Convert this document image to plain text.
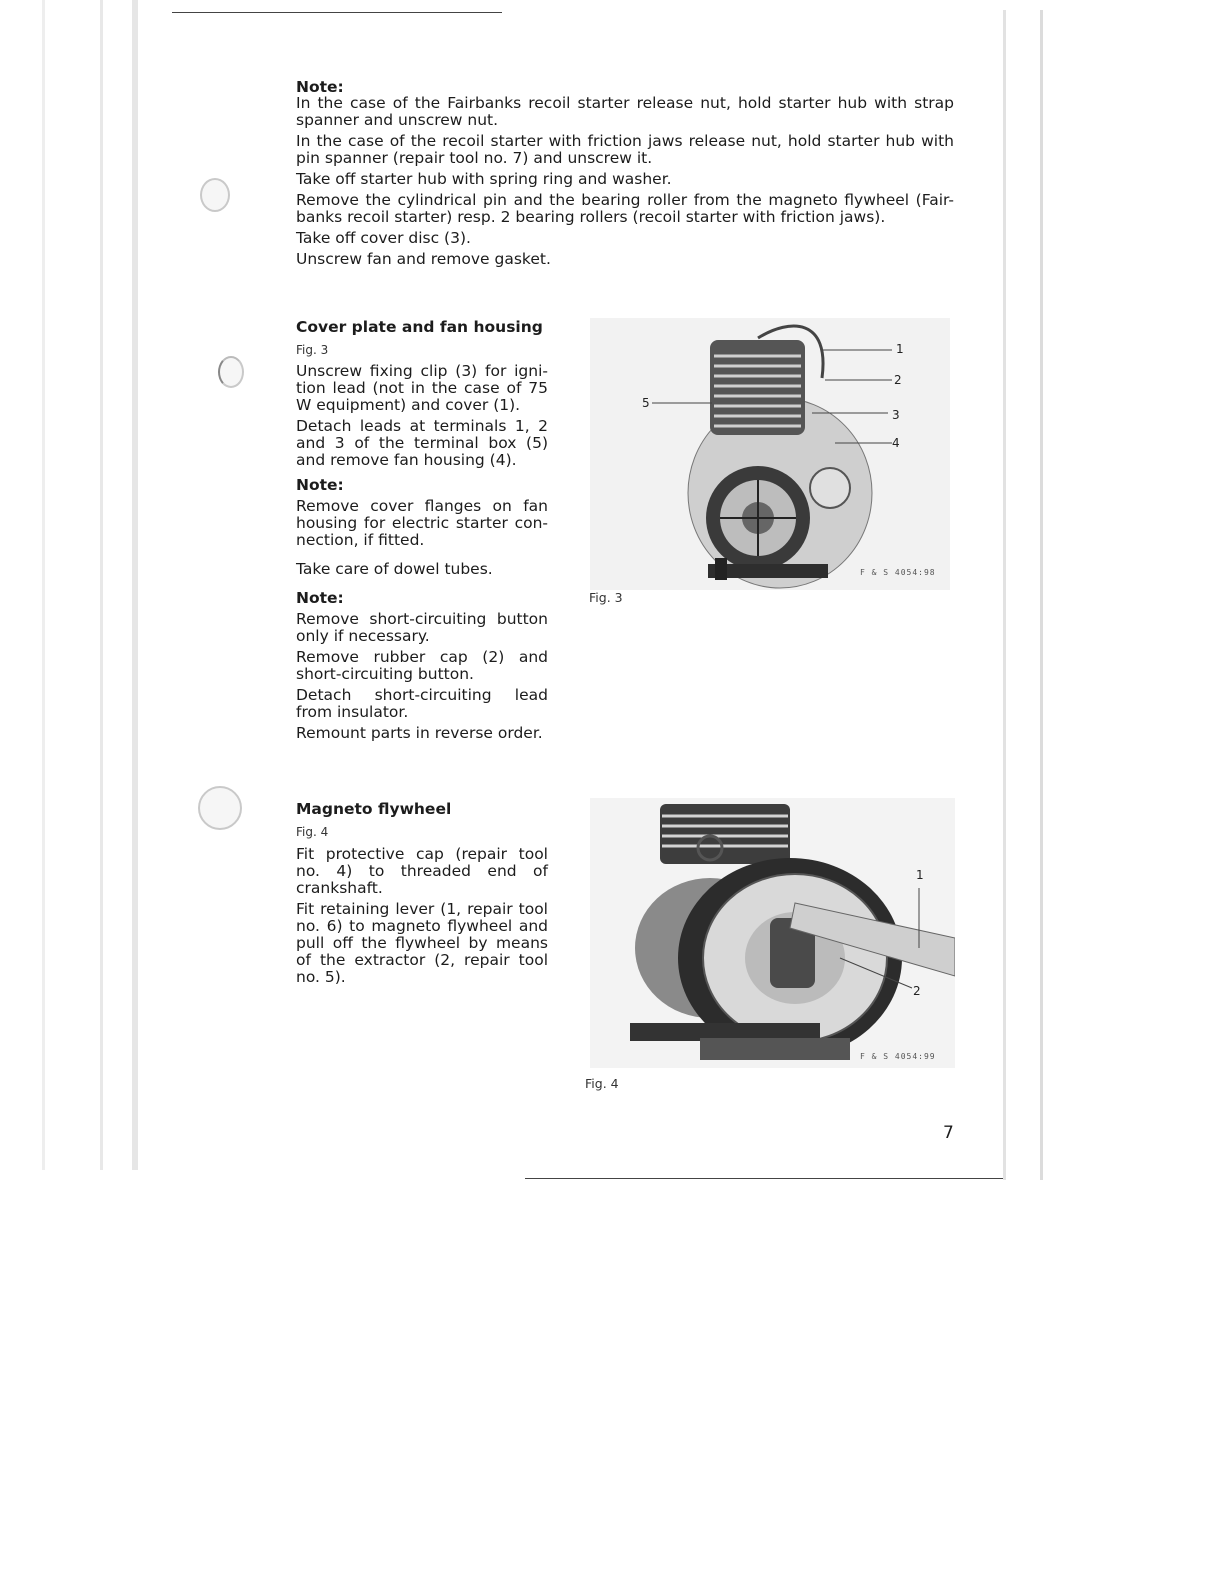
Note:

In the case of the Fairbanks recoil starter release nut, hold starter hub with strap spanner and unscrew nut.

In the case of the recoil starter with friction jaws release nut, hold starter hub with pin spanner (repair tool no. 7) and unscrew it.

Take off starter hub with spring ring and washer.

Remove the cylindrical pin and the bearing roller from the magneto flywheel (Fair-banks recoil starter) resp. 2 bearing rollers (recoil starter with friction jaws).

Take off cover disc (3).

Unscrew fan and remove gasket.

Cover plate and fan housing
Fig. 3

Unscrew fixing clip (3) for igni-tion lead (not in the case of 75 W equipment) and cover (1).

Detach leads at terminals 1, 2 and 3 of the terminal box (5) and remove fan housing (4).

Note:

Remove cover flanges on fan housing for electric starter con-nection, if fitted.

Take care of dowel tubes.

Note:

Remove short-circuiting button only if necessary.

Remove rubber cap (2) and short-circuiting button.

Detach short-circuiting lead from insulator.

Remount parts in reverse order.

Magneto flywheel
Fig. 4

Fit protective cap (repair tool no. 4) to threaded end of crankshaft.

Fit retaining lever (1, repair tool no. 6) to magneto flywheel and pull off the flywheel by means of the extractor (2, repair tool no. 5).

1
2
3
4
5
F & S 4054:98
Fig. 3
1
2
F & S 4054:99
Fig. 4
7
